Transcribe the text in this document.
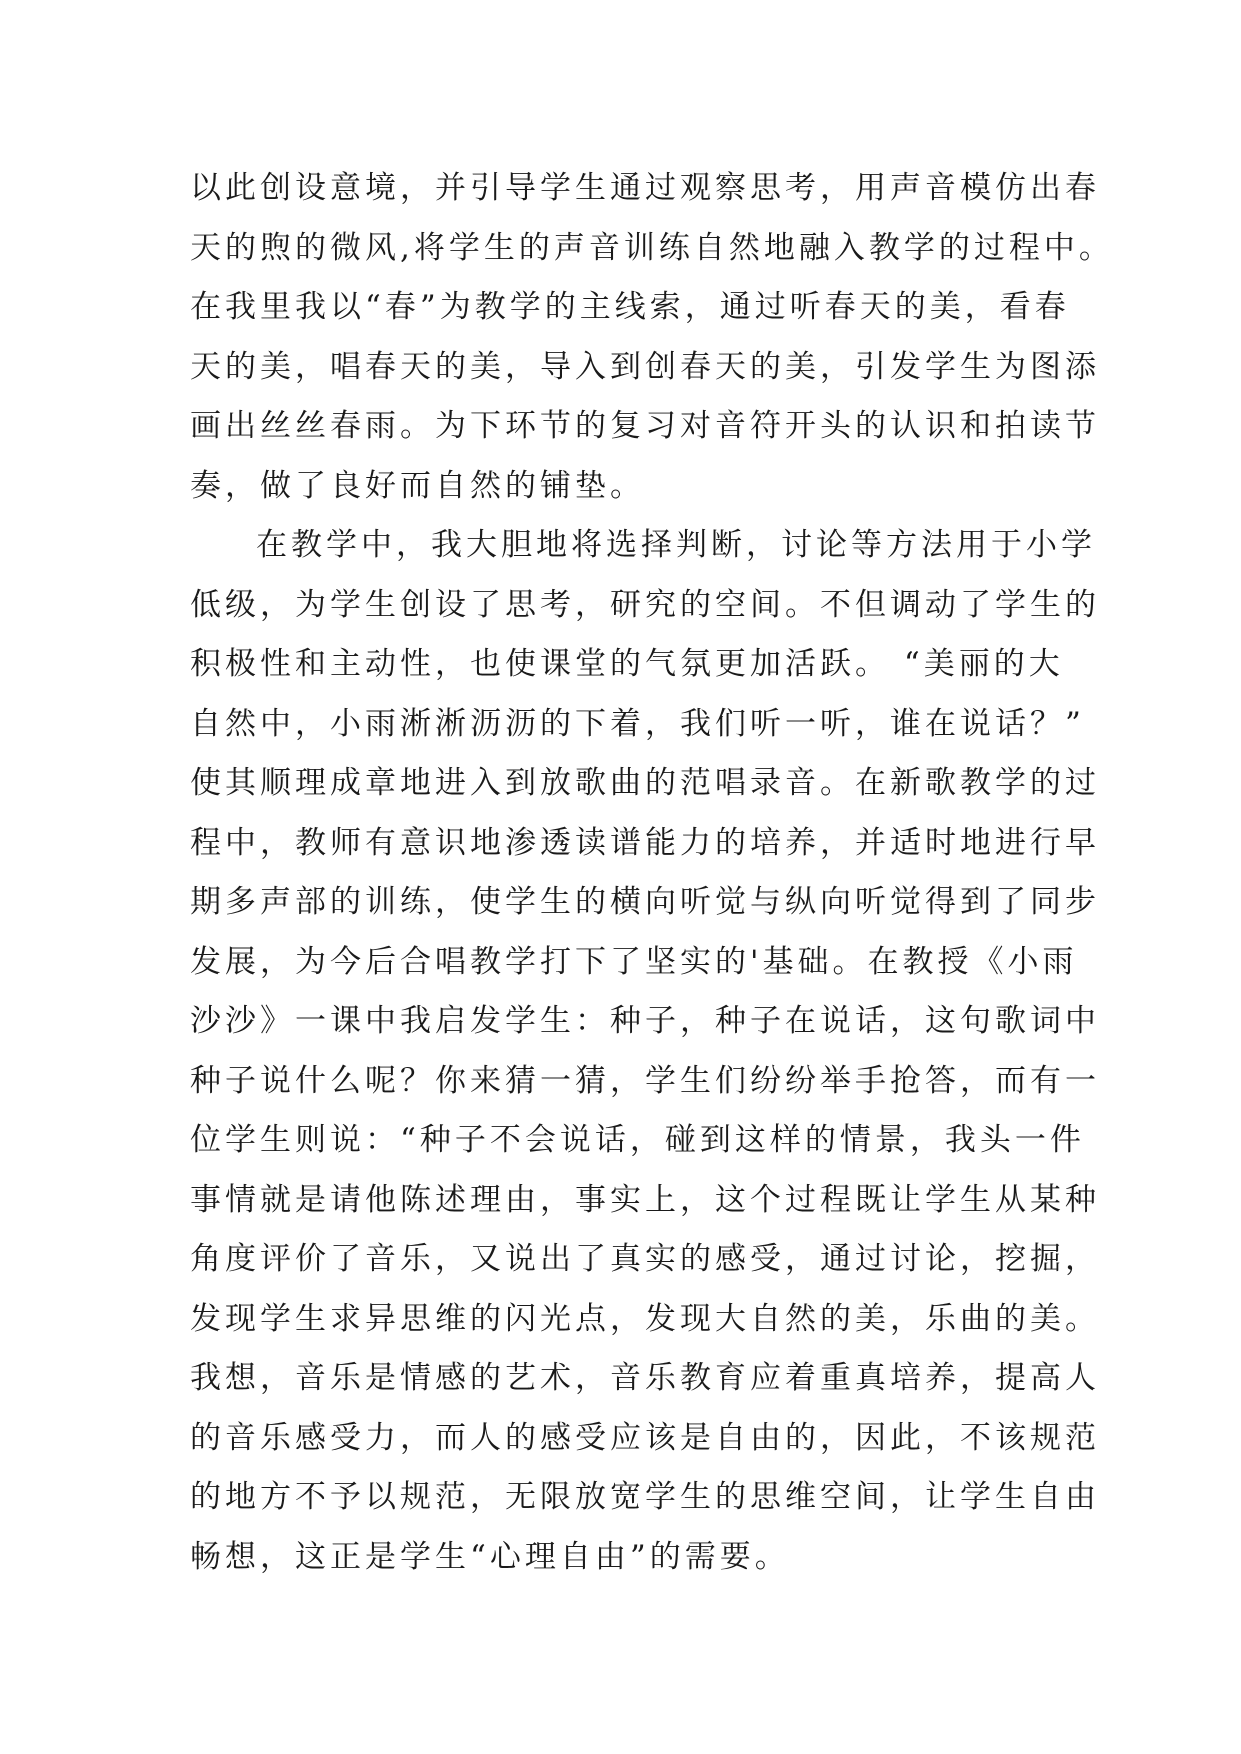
以此创设意境，并引导学生通过观察思考，用声音模仿出春
天的煦的微风,将学生的声音训练自然地融入教学的过程中。
在我里我以“春”为教学的主线索，通过听春天的美，看春
天的美，唱春天的美，导入到创春天的美，引发学生为图添
画出丝丝春雨。为下环节的复习对音符开头的认识和拍读节
奏，做了良好而自然的铺垫。
在教学中，我大胆地将选择判断，讨论等方法用于小学
低级，为学生创设了思考，研究的空间。不但调动了学生的
积极性和主动性，也使课堂的气氛更加活跃。 “美丽的大
自然中，小雨淅淅沥沥的下着，我们听一听，谁在说话？”
使其顺理成章地进入到放歌曲的范唱录音。在新歌教学的过
程中，教师有意识地渗透读谱能力的培养，并适时地进行早
期多声部的训练，使学生的横向听觉与纵向听觉得到了同步
发展，为今后合唱教学打下了坚实的'基础。在教授《小雨
沙沙》一课中我启发学生：种子，种子在说话，这句歌词中
种子说什么呢？你来猜一猜，学生们纷纷举手抢答，而有一
位学生则说：“种子不会说话，碰到这样的情景，我头一件
事情就是请他陈述理由，事实上，这个过程既让学生从某种
角度评价了音乐，又说出了真实的感受，通过讨论，挖掘，
发现学生求异思维的闪光点，发现大自然的美，乐曲的美。
我想，音乐是情感的艺术，音乐教育应着重真培养，提高人
的音乐感受力，而人的感受应该是自由的，因此，不该规范
的地方不予以规范，无限放宽学生的思维空间，让学生自由
畅想，这正是学生“心理自由”的需要。
